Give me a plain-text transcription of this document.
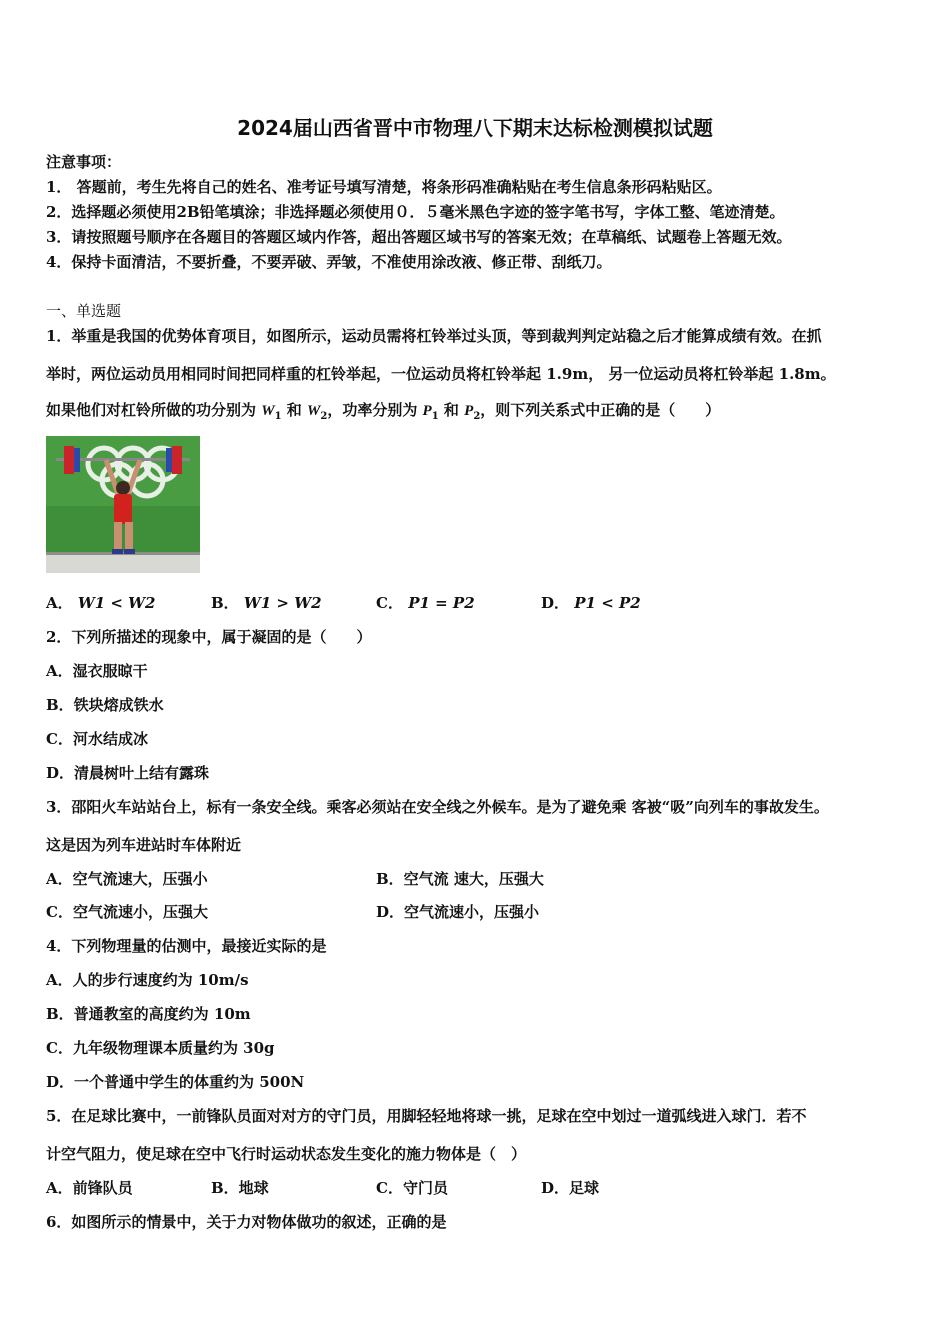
2024届山西省晋中市物理八下期末达标检测模拟试题
注意事项：
1． 答题前，考生先将自己的姓名、准考证号填写清楚，将条形码准确粘贴在考生信息条形码粘贴区。
2．选择题必须使用2B铅笔填涂；非选择题必须使用０．５毫米黑色字迹的签字笔书写，字体工整、笔迹清楚。
3．请按照题号顺序在各题目的答题区域内作答，超出答题区域书写的答案无效；在草稿纸、试题卷上答题无效。
4．保持卡面清洁，不要折叠，不要弄破、弄皱，不准使用涂改液、修正带、刮纸刀。
一、单选题
1．举重是我国的优势体育项目，如图所示，运动员需将杠铃举过头顶，等到裁判判定站稳之后才能算成绩有效。在抓
举时，两位运动员用相同时间把同样重的杠铃举起，一位运动员将杠铃举起 1.9m， 另一位运动员将杠铃举起 1.8m。
如果他们对杠铃所做的功分别为 $W_1$ 和 $W_2$，功率分别为 $P_1$ 和 $P_2$，则下列关系式中正确的是（　　）
A． W1 < W2	B． W1 > W2	C． P1 = P2	D． P1 < P2
2．下列所描述的现象中，属于凝固的是（　　）
A．湿衣服晾干
B．铁块熔成铁水
C．河水结成冰
D．清晨树叶上结有露珠
3．邵阳火车站站台上，标有一条安全线。乘客必须站在安全线之外候车。是为了避免乘 客被“吸”向列车的事故发生。
这是因为列车进站时车体附近
A．空气流速大，压强小	B．空气流 速大，压强大
C．空气流速小，压强大	D．空气流速小，压强小
4．下列物理量的估测中，最接近实际的是
A．人的步行速度约为 10m/s
B．普通教室的高度约为 10m
C．九年级物理课本质量约为 30g
D．一个普通中学生的体重约为 500N
5．在足球比赛中，一前锋队员面对对方的守门员，用脚轻轻地将球一挑，足球在空中划过一道弧线进入球门．若不
计空气阻力，使足球在空中飞行时运动状态发生变化的施力物体是（　）
A．前锋队员	B．地球	C．守门员	D．足球
6．如图所示的情景中，关于力对物体做功的叙述，正确的是
